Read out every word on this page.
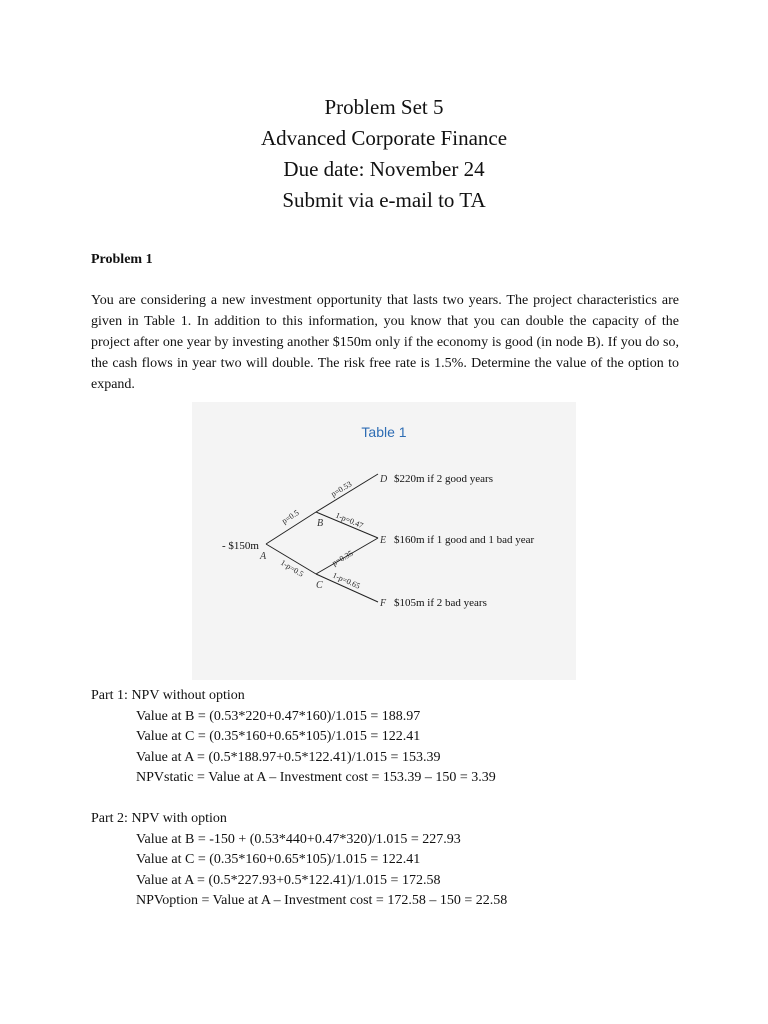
Problem Set 5
Advanced Corporate Finance
Due date: November 24
Submit via e-mail to TA
Problem 1
You are considering a new investment opportunity that lasts two years. The project characteristics are given in Table 1. In addition to this information, you know that you can double the capacity of the project after one year by investing another $150m only if the economy is good (in node B). If you do so, the cash flows in year two will double. The risk free rate is 1.5%. Determine the value of the option to expand.
Table 1
- $150m
A
B
C
D
E
F
$220m if 2 good years
$160m if 1 good and 1 bad year
$105m if 2 bad years
p=0.5
1-p=0.5
p=0.53
1-p=0.47
p=0.35
1-p=0.65
Part 1: NPV without option
Value at B = (0.53*220+0.47*160)/1.015 = 188.97
Value at C = (0.35*160+0.65*105)/1.015 = 122.41
Value at A = (0.5*188.97+0.5*122.41)/1.015 = 153.39
NPVstatic = Value at A – Investment cost = 153.39 – 150 = 3.39
Part 2: NPV with option
Value at B = -150 + (0.53*440+0.47*320)/1.015 = 227.93
Value at C = (0.35*160+0.65*105)/1.015 = 122.41
Value at A = (0.5*227.93+0.5*122.41)/1.015 = 172.58
NPVoption = Value at A – Investment cost = 172.58 – 150 = 22.58
